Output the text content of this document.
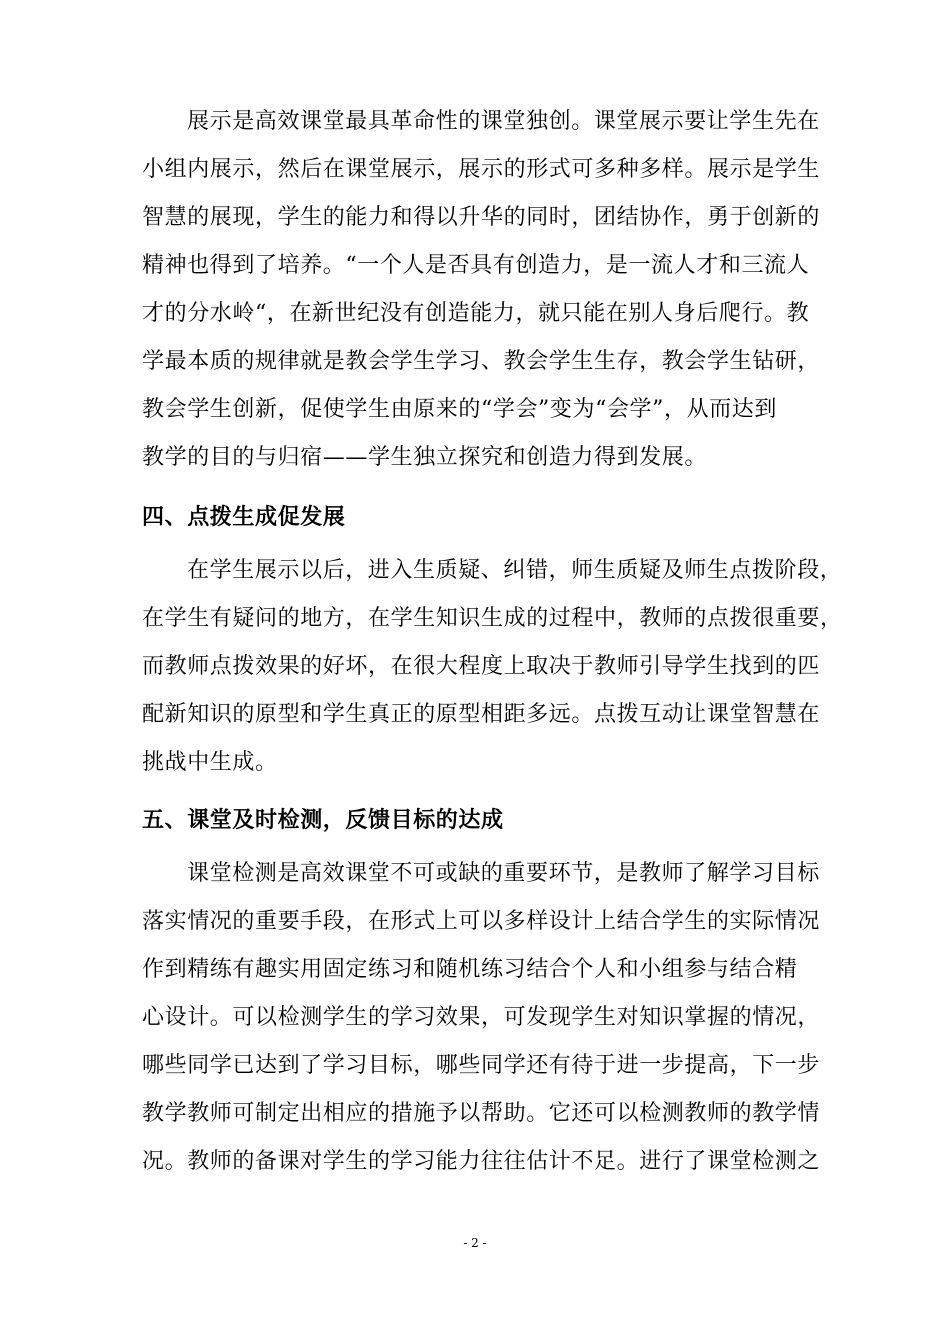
展示是高效课堂最具革命性的课堂独创。课堂展示要让学生先在
小组内展示，然后在课堂展示，展示的形式可多种多样。展示是学生
智慧的展现，学生的能力和得以升华的同时，团结协作，勇于创新的
精神也得到了培养。“一个人是否具有创造力，是一流人才和三流人
才的分水岭“，在新世纪没有创造能力，就只能在别人身后爬行。教
学最本质的规律就是教会学生学习、教会学生生存，教会学生钻研，
教会学生创新，促使学生由原来的“学会”变为“会学”，从而达到
教学的目的与归宿——学生独立探究和创造力得到发展。
四、点拨生成促发展
在学生展示以后，进入生质疑、纠错，师生质疑及师生点拨阶段，
在学生有疑问的地方，在学生知识生成的过程中，教师的点拨很重要，
而教师点拨效果的好坏，在很大程度上取决于教师引导学生找到的匹
配新知识的原型和学生真正的原型相距多远。点拨互动让课堂智慧在
挑战中生成。
五、课堂及时检测，反馈目标的达成
课堂检测是高效课堂不可或缺的重要环节，是教师了解学习目标
落实情况的重要手段，在形式上可以多样设计上结合学生的实际情况
作到精练有趣实用固定练习和随机练习结合个人和小组参与结合精
心设计。可以检测学生的学习效果，可发现学生对知识掌握的情况，
哪些同学已达到了学习目标，哪些同学还有待于进一步提高，下一步
教学教师可制定出相应的措施予以帮助。它还可以检测教师的教学情
况。教师的备课对学生的学习能力往往估计不足。进行了课堂检测之
- 2 -
